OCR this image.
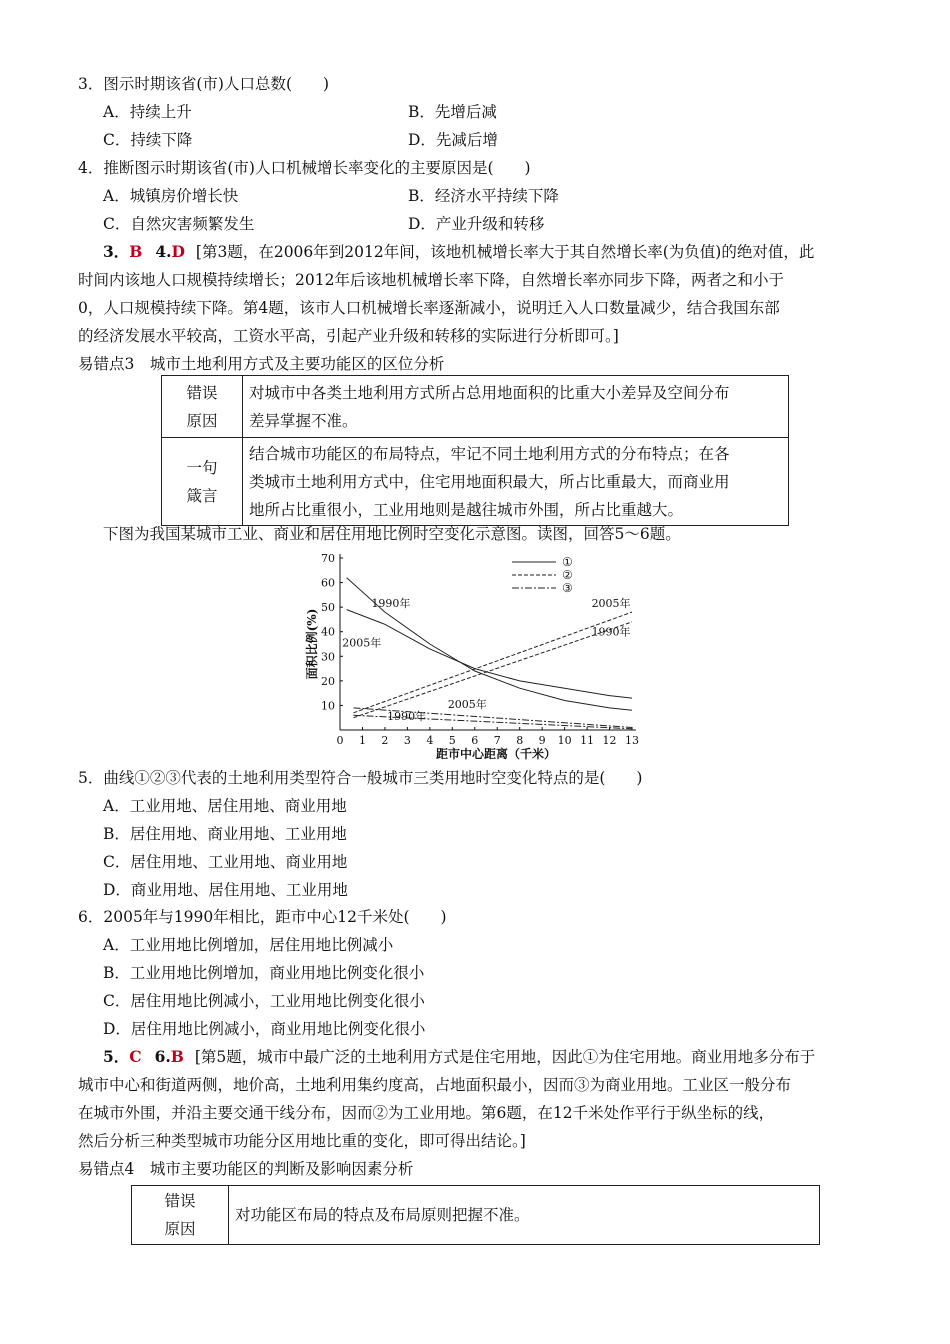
3．图示时期该省(市)人口总数(　　)
A．持续上升	B．先增后减
C．持续下降	D．先减后增
4．推断图示时期该省(市)人口机械增长率变化的主要原因是(　　)
A．城镇房价增长快	B．经济水平持续下降
C．自然灾害频繁发生	D．产业升级和转移
3．B 4.D [第3题，在2006年到2012年间，该地机械增长率大于其自然增长率(为负值)的绝对值，此
时间内该地人口规模持续增长；2012年后该地机械增长率下降，自然增长率亦同步下降，两者之和小于
0，人口规模持续下降。第4题，该市人口机械增长率逐渐减小，说明迁入人口数量减少，结合我国东部
的经济发展水平较高，工资水平高，引起产业升级和转移的实际进行分析即可。]
易错点3　城市土地利用方式及主要功能区的区位分析
错误
原因	对城市中各类土地利用方式所占总用地面积的比重大小差异及空间分布
差异掌握不准。
一句
箴言	结合城市功能区的布局特点，牢记不同土地利用方式的分布特点；在各
类城市土地利用方式中，住宅用地面积最大，所占比重最大，而商业用
地所占比重很小，工业用地则是越往城市外围，所占比重越大。
下图为我国某城市工业、商业和居住用地比例时空变化示意图。读图，回答5～6题。
0 1 2 3 4 5 6 7 8 9 10 11 12 13
10
20
30
40
50
60
70
距市中心距离（千米）
面积比例(%)
1990年
2005年
2005年
1990年
2005年
1990年
①
②
③
5．曲线①②③代表的土地利用类型符合一般城市三类用地时空变化特点的是(　　)
A．工业用地、居住用地、商业用地
B．居住用地、商业用地、工业用地
C．居住用地、工业用地、商业用地
D．商业用地、居住用地、工业用地
6．2005年与1990年相比，距市中心12千米处(　　)
A．工业用地比例增加，居住用地比例减小
B．工业用地比例增加，商业用地比例变化很小
C．居住用地比例减小，工业用地比例变化很小
D．居住用地比例减小，商业用地比例变化很小
5．C 6.B [第5题，城市中最广泛的土地利用方式是住宅用地，因此①为住宅用地。商业用地多分布于
城市中心和街道两侧，地价高，土地利用集约度高，占地面积最小，因而③为商业用地。工业区一般分布
在城市外围，并沿主要交通干线分布，因而②为工业用地。第6题，在12千米处作平行于纵坐标的线，
然后分析三种类型城市功能分区用地比重的变化，即可得出结论。]
易错点4　城市主要功能区的判断及影响因素分析
错误
原因	对功能区布局的特点及布局原则把握不准。
